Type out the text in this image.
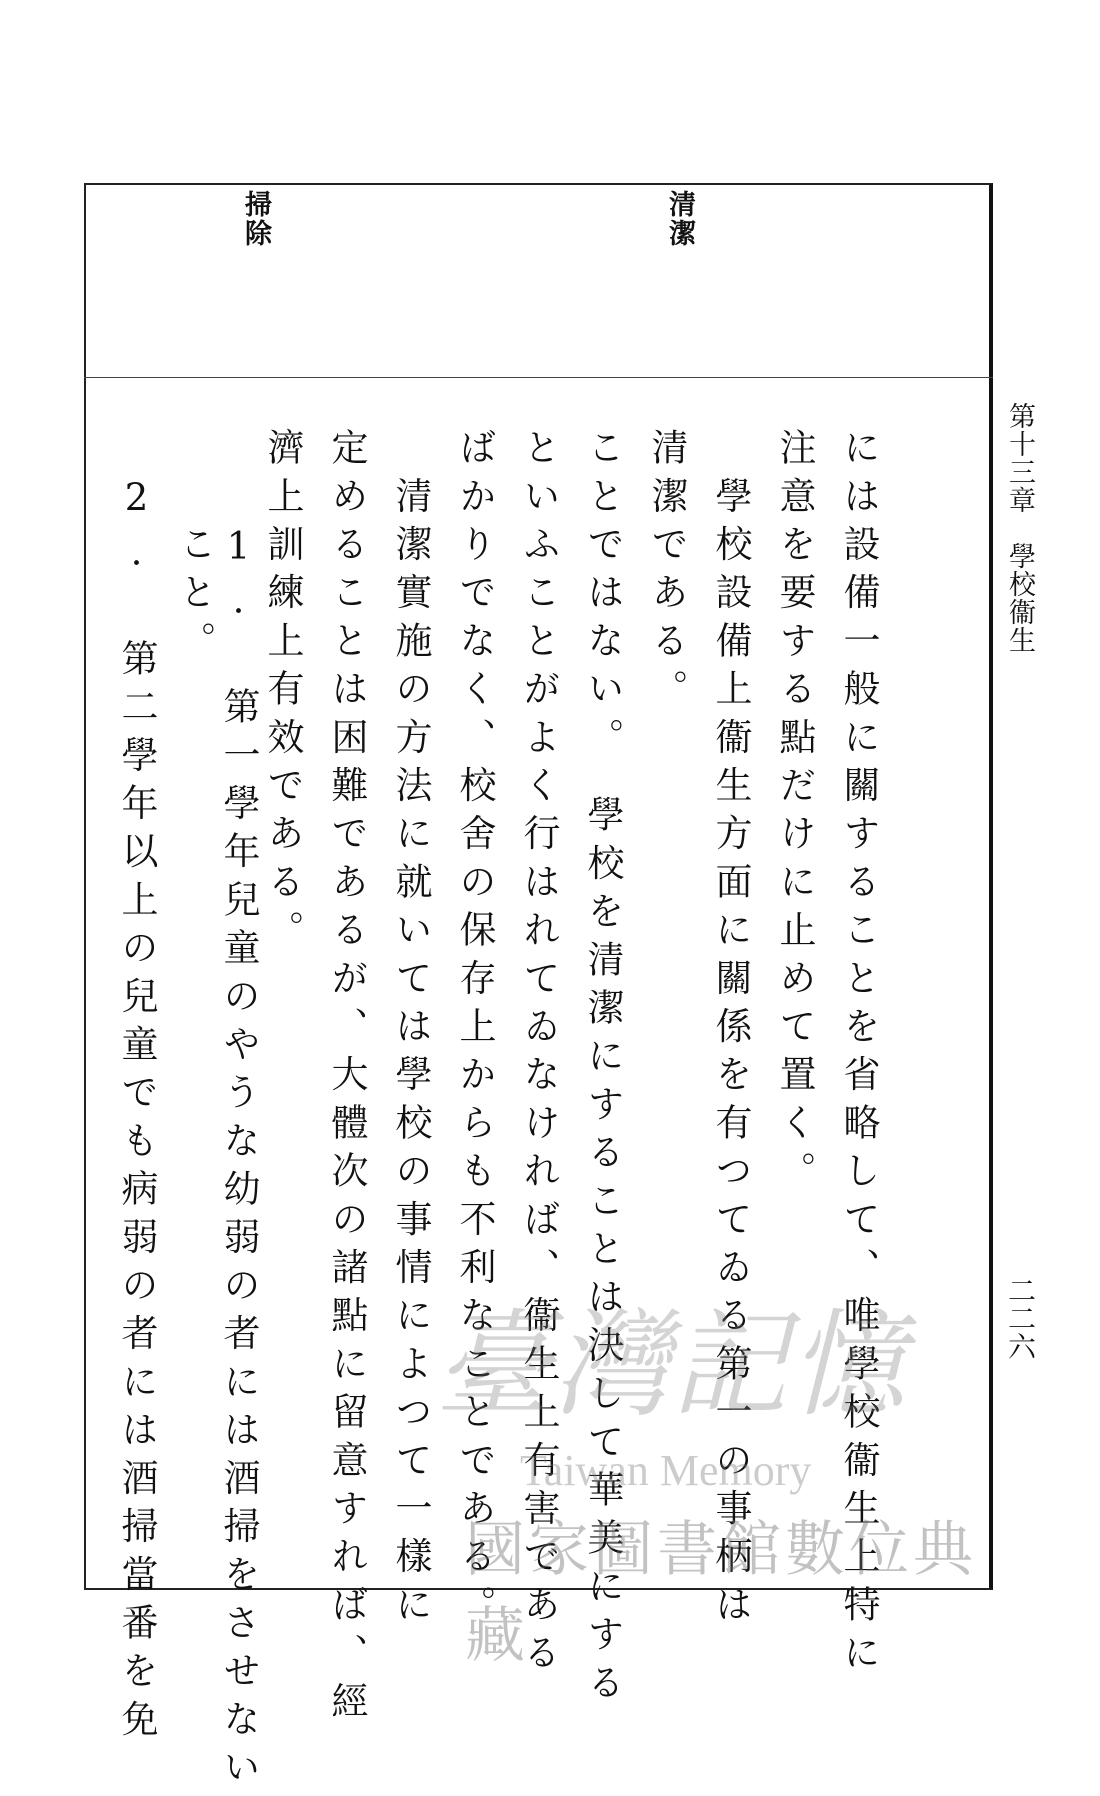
清潔
掃除
第十三章　學校衞生
二二六
には設備一般に關することを省略して、唯學校衞生上特に
注意を要する點だけに止めて置く。
　學校設備上衞生方面に關係を有つてゐる第一の事柄は
清潔である。
ことではない。　學校を清潔にすることは決して華美にする
といふことがよく行はれてゐなければ、衞生上有害である
ばかりでなく、校舍の保存上からも不利なことである。
　清潔實施の方法に就いては學校の事情によつて一樣に
定めることは困難であるが、大體次の諸點に留意すれば、經
濟上訓練上有效である。
　　1. 第一學年兒童のやうな幼弱の者には酒掃をさせない
　　こと。
　2. 第二學年以上の兒童でも病弱の者には酒掃當番を免 臺灣記憶
Taiwan Memory
國家圖書館數位典藏
